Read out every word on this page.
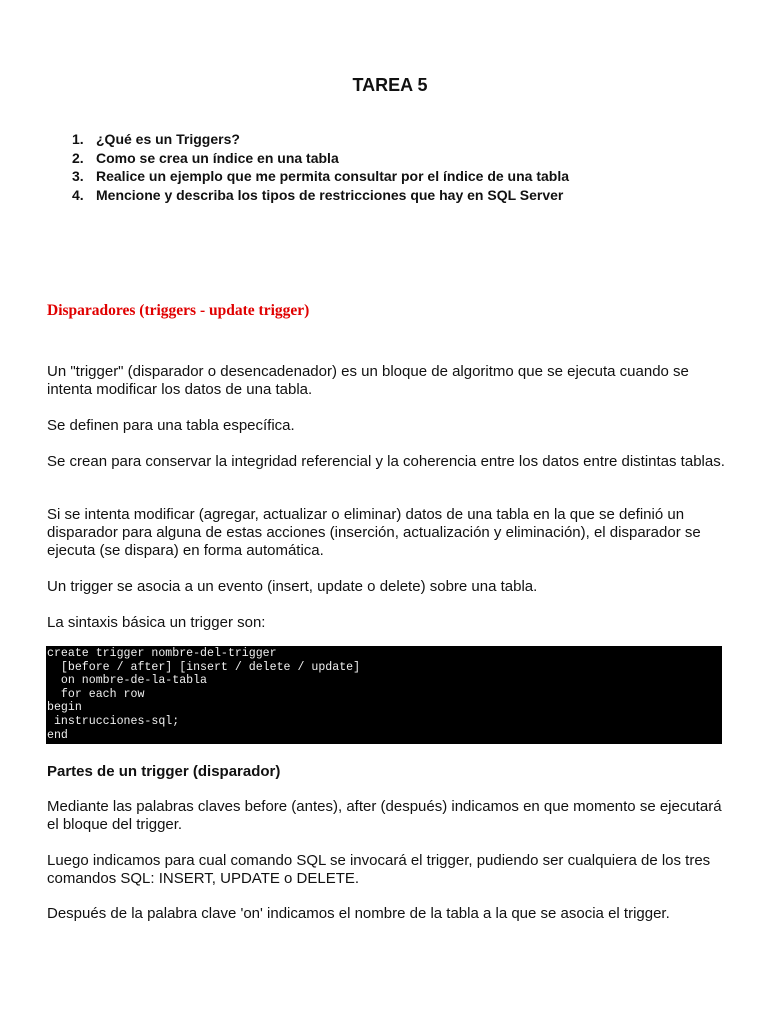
TAREA 5
1. ¿Qué es un Triggers?
2. Como se crea un índice en una tabla
3. Realice un ejemplo que me permita consultar por el índice de una tabla
4. Mencione y describa los tipos de restricciones que hay en SQL Server
Disparadores (triggers - update trigger)

Un "trigger" (disparador o desencadenador) es un bloque de algoritmo que se ejecuta cuando se intenta modificar los datos de una tabla.

Se definen para una tabla específica.

Se crean para conservar la integridad referencial y la coherencia entre los datos entre distintas tablas.

Si se intenta modificar (agregar, actualizar o eliminar) datos de una tabla en la que se definió un disparador para alguna de estas acciones (inserción, actualización y eliminación), el disparador se ejecuta (se dispara) en forma automática.

Un trigger se asocia a un evento (insert, update o delete) sobre una tabla.

La sintaxis básica un trigger son:

create trigger nombre-del-trigger
[before / after] [insert / delete / update]
on nombre-de-la-tabla
for each row
begin
instrucciones-sql;
end
Partes de un trigger (disparador)

Mediante las palabras claves before (antes), after (después) indicamos en que momento se ejecutará el bloque del trigger.

Luego indicamos para cual comando SQL se invocará el trigger, pudiendo ser cualquiera de los tres comandos SQL: INSERT, UPDATE o DELETE.

Después de la palabra clave 'on' indicamos el nombre de la tabla a la que se asocia el trigger.
